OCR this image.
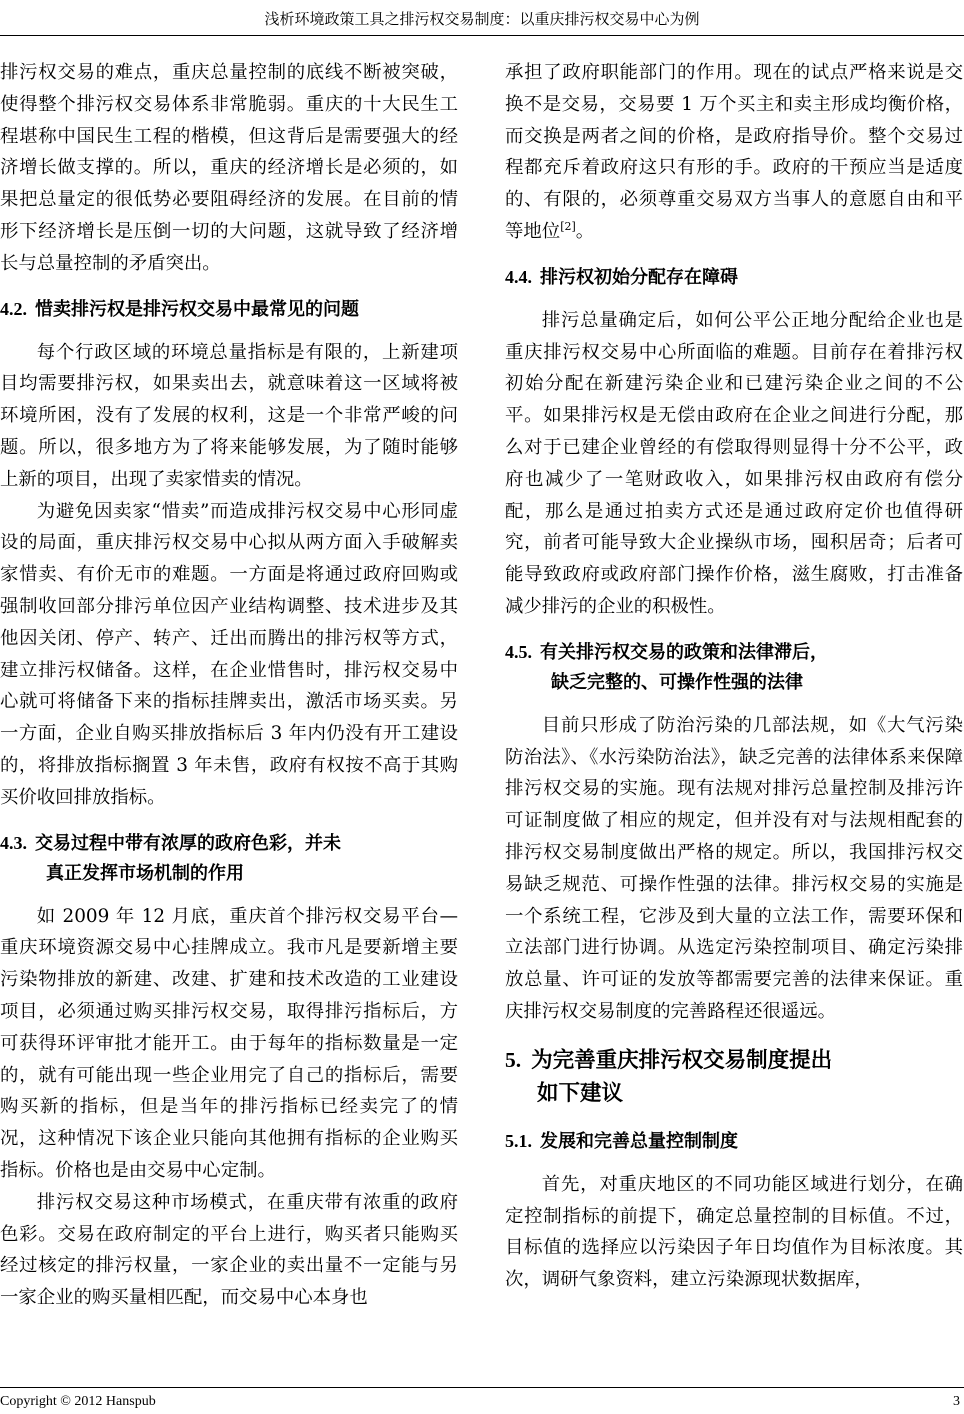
浅析环境政策工具之排污权交易制度：以重庆排污权交易中心为例

排污权交易的难点，重庆总量控制的底线不断被突破，使得整个排污权交易体系非常脆弱。重庆的十大民生工程堪称中国民生工程的楷模，但这背后是需要强大的经济增长做支撑的。所以，重庆的经济增长是必须的，如果把总量定的很低势必要阻碍经济的发展。在目前的情形下经济增长是压倒一切的大问题，这就导致了经济增长与总量控制的矛盾突出。

4.2. 惜卖排污权是排污权交易中最常见的问题

每个行政区域的环境总量指标是有限的，上新建项目均需要排污权，如果卖出去，就意味着这一区域将被环境所困，没有了发展的权利，这是一个非常严峻的问题。所以，很多地方为了将来能够发展，为了随时能够上新的项目，出现了卖家惜卖的情况。

为避免因卖家“惜卖”而造成排污权交易中心形同虚设的局面，重庆排污权交易中心拟从两方面入手破解卖家惜卖、有价无市的难题。一方面是将通过政府回购或强制收回部分排污单位因产业结构调整、技术进步及其他因关闭、停产、转产、迁出而腾出的排污权等方式，建立排污权储备。这样，在企业惜售时，排污权交易中心就可将储备下来的指标挂牌卖出，激活市场买卖。另一方面，企业自购买排放指标后 3 年内仍没有开工建设的，将排放指标搁置 3 年未售，政府有权按不高于其购买价收回排放指标。

4.3. 交易过程中带有浓厚的政府色彩，并未
真正发挥市场机制的作用

如 2009 年 12 月底，重庆首个排污权交易平台—重庆环境资源交易中心挂牌成立。我市凡是要新增主要污染物排放的新建、改建、扩建和技术改造的工业建设项目，必须通过购买排污权交易，取得排污指标后，方可获得环评审批才能开工。由于每年的指标数量是一定的，就有可能出现一些企业用完了自己的指标后，需要购买新的指标，但是当年的排污指标已经卖完了的情况，这种情况下该企业只能向其他拥有指标的企业购买指标。价格也是由交易中心定制。

排污权交易这种市场模式，在重庆带有浓重的政府色彩。交易在政府制定的平台上进行，购买者只能购买经过核定的排污权量，一家企业的卖出量不一定能与另一家企业的购买量相匹配，而交易中心本身也

承担了政府职能部门的作用。现在的试点严格来说是交换不是交易，交易要 1 万个买主和卖主形成均衡价格，而交换是两者之间的价格，是政府指导价。整个交易过程都充斥着政府这只有形的手。政府的干预应当是适度的、有限的，必须尊重交易双方当事人的意愿自由和平等地位[2]。

4.4. 排污权初始分配存在障碍

排污总量确定后，如何公平公正地分配给企业也是重庆排污权交易中心所面临的难题。目前存在着排污权初始分配在新建污染企业和已建污染企业之间的不公平。如果排污权是无偿由政府在企业之间进行分配，那么对于已建企业曾经的有偿取得则显得十分不公平，政府也减少了一笔财政收入，如果排污权由政府有偿分配，那么是通过拍卖方式还是通过政府定价也值得研究，前者可能导致大企业操纵市场，囤积居奇；后者可能导致政府或政府部门操作价格，滋生腐败，打击准备减少排污的企业的积极性。

4.5. 有关排污权交易的政策和法律滞后，
缺乏完整的、可操作性强的法律

目前只形成了防治污染的几部法规，如《大气污染防治法》、《水污染防治法》，缺乏完善的法律体系来保障排污权交易的实施。现有法规对排污总量控制及排污许可证制度做了相应的规定，但并没有对与法规相配套的排污权交易制度做出严格的规定。所以，我国排污权交易缺乏规范、可操作性强的法律。排污权交易的实施是一个系统工程，它涉及到大量的立法工作，需要环保和立法部门进行协调。从选定污染控制项目、确定污染排放总量、许可证的发放等都需要完善的法律来保证。重庆排污权交易制度的完善路程还很遥远。

5. 为完善重庆排污权交易制度提出
如下建议
5.1. 发展和完善总量控制制度

首先，对重庆地区的不同功能区域进行划分，在确定控制指标的前提下，确定总量控制的目标值。不过，目标值的选择应以污染因子年日均值作为目标浓度。其次，调研气象资料，建立污染源现状数据库，

Copyright © 2012 Hanspub	3
